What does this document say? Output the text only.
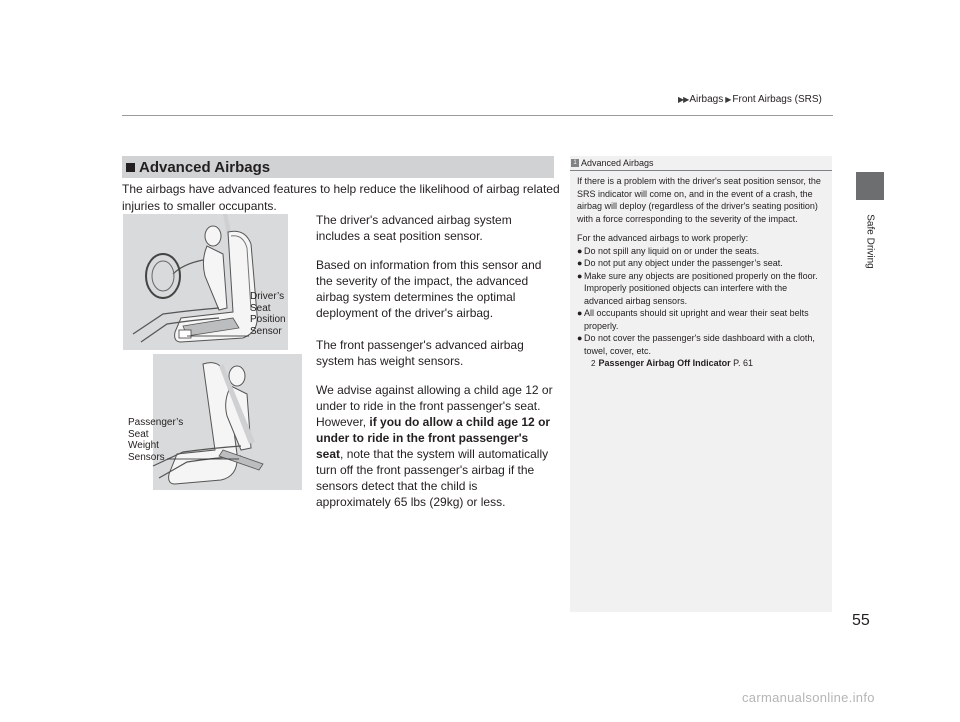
▶▶ Airbags ▶ Front Airbags (SRS)
Safe Driving
55
Advanced Airbags
The airbags have advanced features to help reduce the likelihood of airbag related injuries to smaller occupants.

The driver's advanced airbag system includes a seat position sensor.

Based on information from this sensor and the severity of the impact, the advanced airbag system determines the optimal deployment of the driver's airbag.

The front passenger's advanced airbag system has weight sensors.

We advise against allowing a child age 12 or under to ride in the front passenger's seat. However, if you do allow a child age 12 or under to ride in the front passenger's seat, note that the system will automatically turn off the front passenger's airbag if the sensors detect that the child is approximately 65 lbs (29kg) or less.

Driver’s
Seat
Position
Sensor
Passenger’s
Seat
Weight
Sensors
1 Advanced Airbags
If there is a problem with the driver's seat position sensor, the SRS indicator will come on, and in the event of a crash, the airbag will deploy (regardless of the driver's seating position) with a force corresponding to the severity of the impact.
For the advanced airbags to work properly:
● Do not spill any liquid on or under the seats.
● Do not put any object under the passenger’s seat.
● Make sure any objects are positioned properly on the floor. Improperly positioned objects can interfere with the advanced airbag sensors.
● All occupants should sit upright and wear their seat belts properly.
● Do not cover the passenger's side dashboard with a cloth, towel, cover, etc.
2 Passenger Airbag Off Indicator P. 61
carmanualsonline.info
